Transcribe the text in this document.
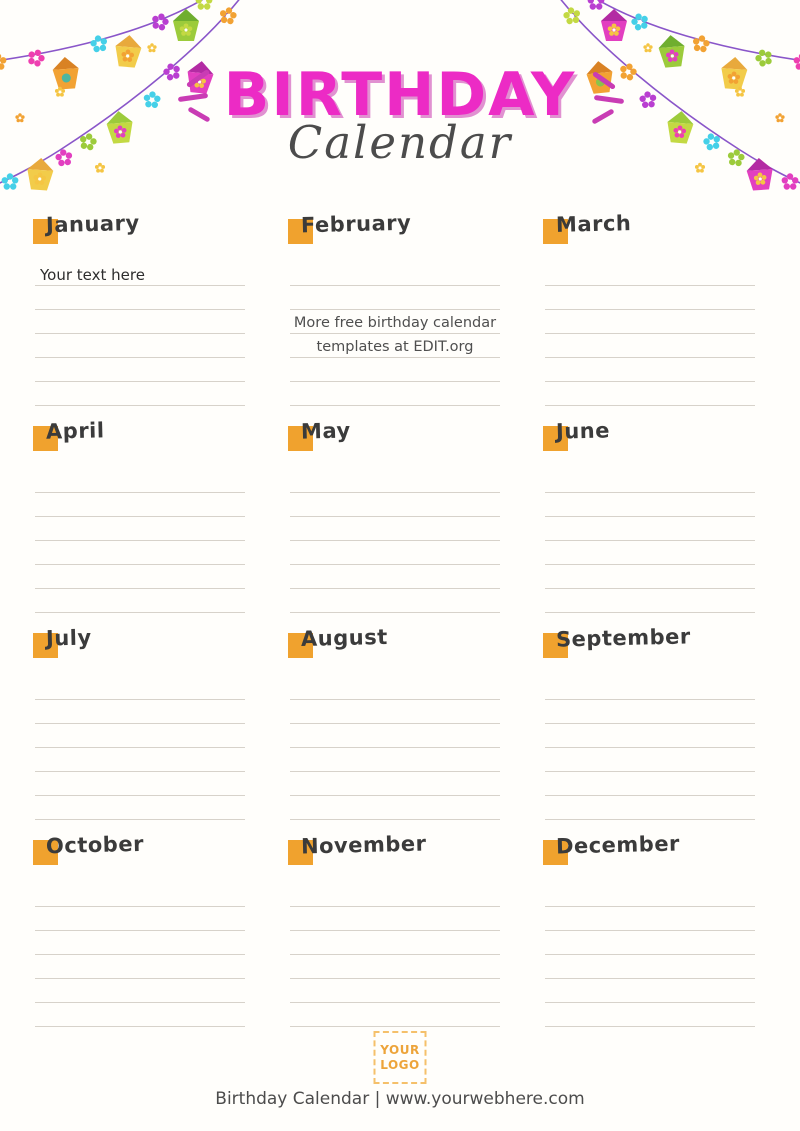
BIRTHDAY
Calendar
January
Your text here
February
More free birthday calendar
templates at EDIT.org
March
April	May	June
July	August	September
October	November	December
YOUR
LOGO
Birthday Calendar | www.yourwebhere.com
